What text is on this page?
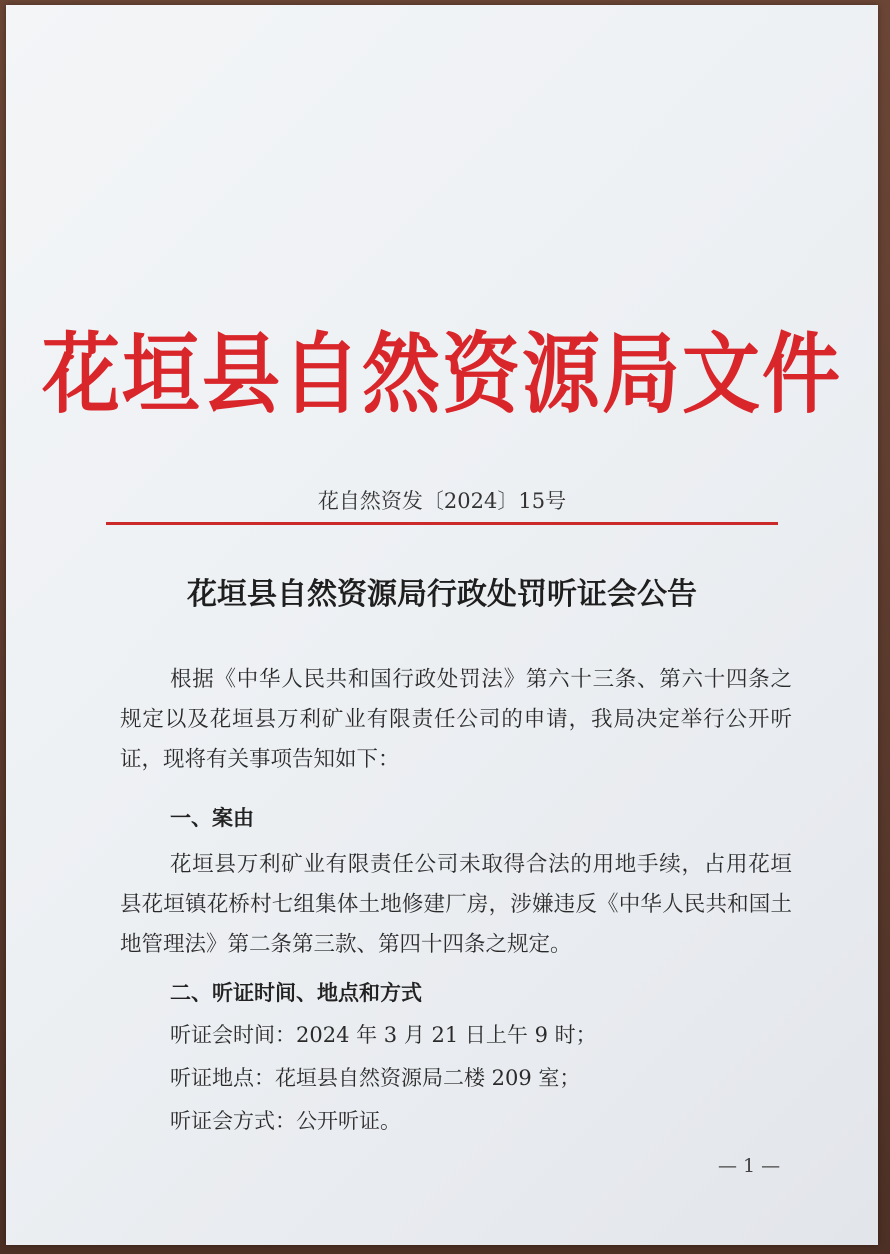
花垣县自然资源局文件
花自然资发〔2024〕15号
花垣县自然资源局行政处罚听证会公告
根据《中华人民共和国行政处罚法》第六十三条、第六十四条之规定以及花垣县万利矿业有限责任公司的申请，我局决定举行公开听证，现将有关事项告知如下：
一、案由
花垣县万利矿业有限责任公司未取得合法的用地手续，占用花垣县花垣镇花桥村七组集体土地修建厂房，涉嫌违反《中华人民共和国土地管理法》第二条第三款、第四十四条之规定。
二、听证时间、地点和方式
听证会时间：2024 年 3 月 21 日上午 9 时；
听证地点：花垣县自然资源局二楼 209 室；
听证会方式：公开听证。
— 1 —
